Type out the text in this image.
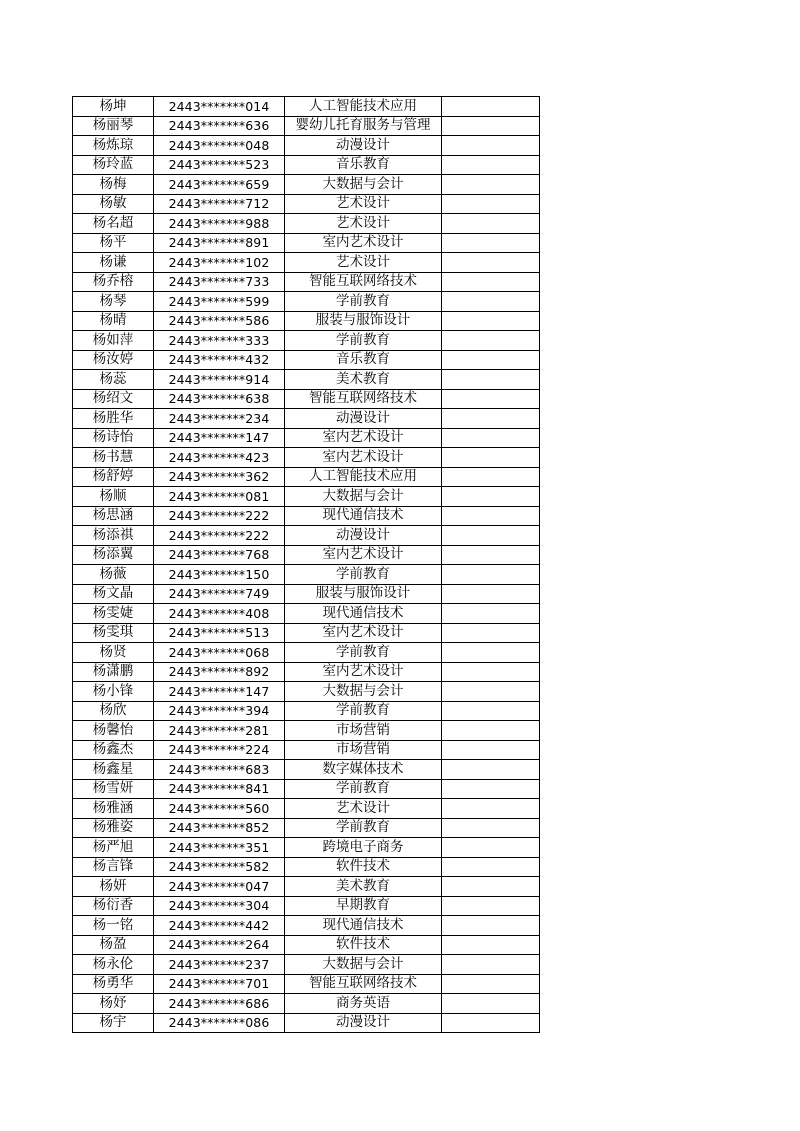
杨坤	2443*******014	人工智能技术应用	
杨丽琴	2443*******636	婴幼儿托育服务与管理	
杨炼琼	2443*******048	动漫设计	
杨玲蓝	2443*******523	音乐教育	
杨梅	2443*******659	大数据与会计	
杨敏	2443*******712	艺术设计	
杨名超	2443*******988	艺术设计	
杨平	2443*******891	室内艺术设计	
杨谦	2443*******102	艺术设计	
杨乔榕	2443*******733	智能互联网络技术	
杨琴	2443*******599	学前教育	
杨晴	2443*******586	服装与服饰设计	
杨如萍	2443*******333	学前教育	
杨汝婷	2443*******432	音乐教育	
杨蕊	2443*******914	美术教育	
杨绍文	2443*******638	智能互联网络技术	
杨胜华	2443*******234	动漫设计	
杨诗怡	2443*******147	室内艺术设计	
杨书慧	2443*******423	室内艺术设计	
杨舒婷	2443*******362	人工智能技术应用	
杨顺	2443*******081	大数据与会计	
杨思涵	2443*******222	现代通信技术	
杨添祺	2443*******222	动漫设计	
杨添翼	2443*******768	室内艺术设计	
杨薇	2443*******150	学前教育	
杨文晶	2443*******749	服装与服饰设计	
杨雯婕	2443*******408	现代通信技术	
杨雯琪	2443*******513	室内艺术设计	
杨贤	2443*******068	学前教育	
杨潇鹏	2443*******892	室内艺术设计	
杨小锋	2443*******147	大数据与会计	
杨欣	2443*******394	学前教育	
杨馨怡	2443*******281	市场营销	
杨鑫杰	2443*******224	市场营销	
杨鑫星	2443*******683	数字媒体技术	
杨雪妍	2443*******841	学前教育	
杨雅涵	2443*******560	艺术设计	
杨雅姿	2443*******852	学前教育	
杨严旭	2443*******351	跨境电子商务	
杨言锋	2443*******582	软件技术	
杨妍	2443*******047	美术教育	
杨衍香	2443*******304	早期教育	
杨一铭	2443*******442	现代通信技术	
杨盈	2443*******264	软件技术	
杨永伦	2443*******237	大数据与会计	
杨勇华	2443*******701	智能互联网络技术	
杨妤	2443*******686	商务英语	
杨宇	2443*******086	动漫设计	
